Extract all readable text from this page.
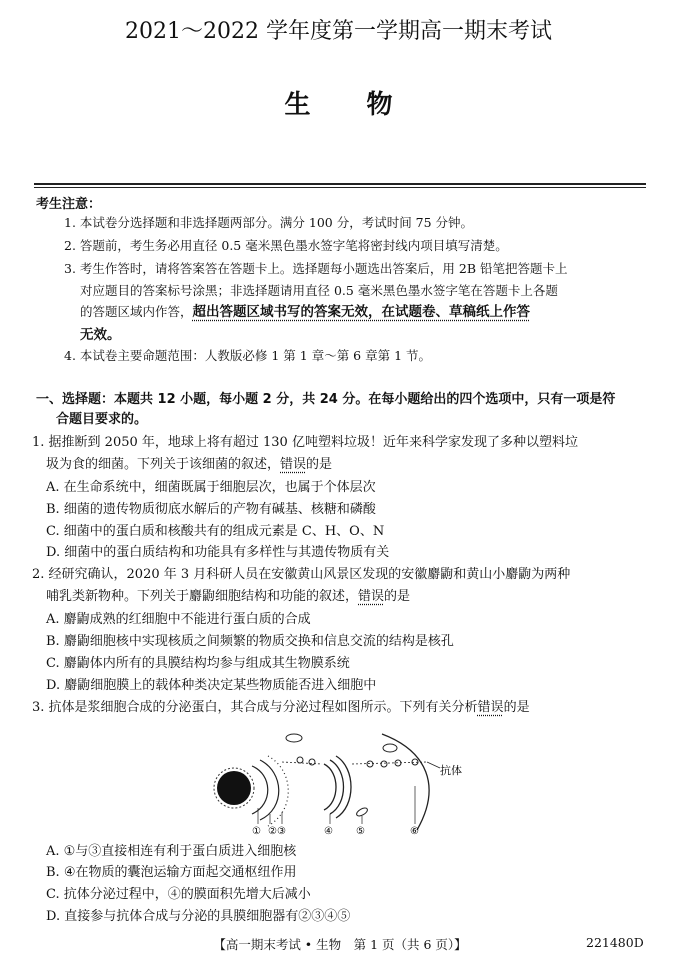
2021～2022 学年度第一学期高一期末考试
生物
考生注意：
1. 本试卷分选择题和非选择题两部分。满分 100 分，考试时间 75 分钟。
2. 答题前，考生务必用直径 0.5 毫米黑色墨水签字笔将密封线内项目填写清楚。
3. 考生作答时，请将答案答在答题卡上。选择题每小题选出答案后，用 2B 铅笔把答题卡上
对应题目的答案标号涂黑；非选择题请用直径 0.5 毫米黑色墨水签字笔在答题卡上各题
的答题区域内作答，超出答题区域书写的答案无效，在试题卷、草稿纸上作答
无效。
4. 本试卷主要命题范围：人教版必修 1 第 1 章～第 6 章第 1 节。
一、选择题：本题共 12 小题，每小题 2 分，共 24 分。在每小题给出的四个选项中，只有一项是符
合题目要求的。
1. 据推断到 2050 年，地球上将有超过 130 亿吨塑料垃圾！近年来科学家发现了多种以塑料垃
圾为食的细菌。下列关于该细菌的叙述，错误的是
A. 在生命系统中，细菌既属于细胞层次，也属于个体层次
B. 细菌的遗传物质彻底水解后的产物有碱基、核糖和磷酸
C. 细菌中的蛋白质和核酸共有的组成元素是 C、H、O、N
D. 细菌中的蛋白质结构和功能具有多样性与其遗传物质有关
2. 经研究确认，2020 年 3 月科研人员在安徽黄山风景区发现的安徽麝鼩和黄山小麝鼩为两种
哺乳类新物种。下列关于麝鼩细胞结构和功能的叙述，错误的是
A. 麝鼩成熟的红细胞中不能进行蛋白质的合成
B. 麝鼩细胞核中实现核质之间频繁的物质交换和信息交流的结构是核孔
C. 麝鼩体内所有的具膜结构均参与组成其生物膜系统
D. 麝鼩细胞膜上的载体种类决定某些物质能否进入细胞中
3. 抗体是浆细胞合成的分泌蛋白，其合成与分泌过程如图所示。下列有关分析错误的是
抗体
① ②③	④ ⑤	⑥
A. ①与③直接相连有利于蛋白质进入细胞核
B. ④在物质的囊泡运输方面起交通枢纽作用
C. 抗体分泌过程中，④的膜面积先增大后减小
D. 直接参与抗体合成与分泌的具膜细胞器有②③④⑤
【高一期末考试 • 生物　第 1 页（共 6 页）】	221480D
